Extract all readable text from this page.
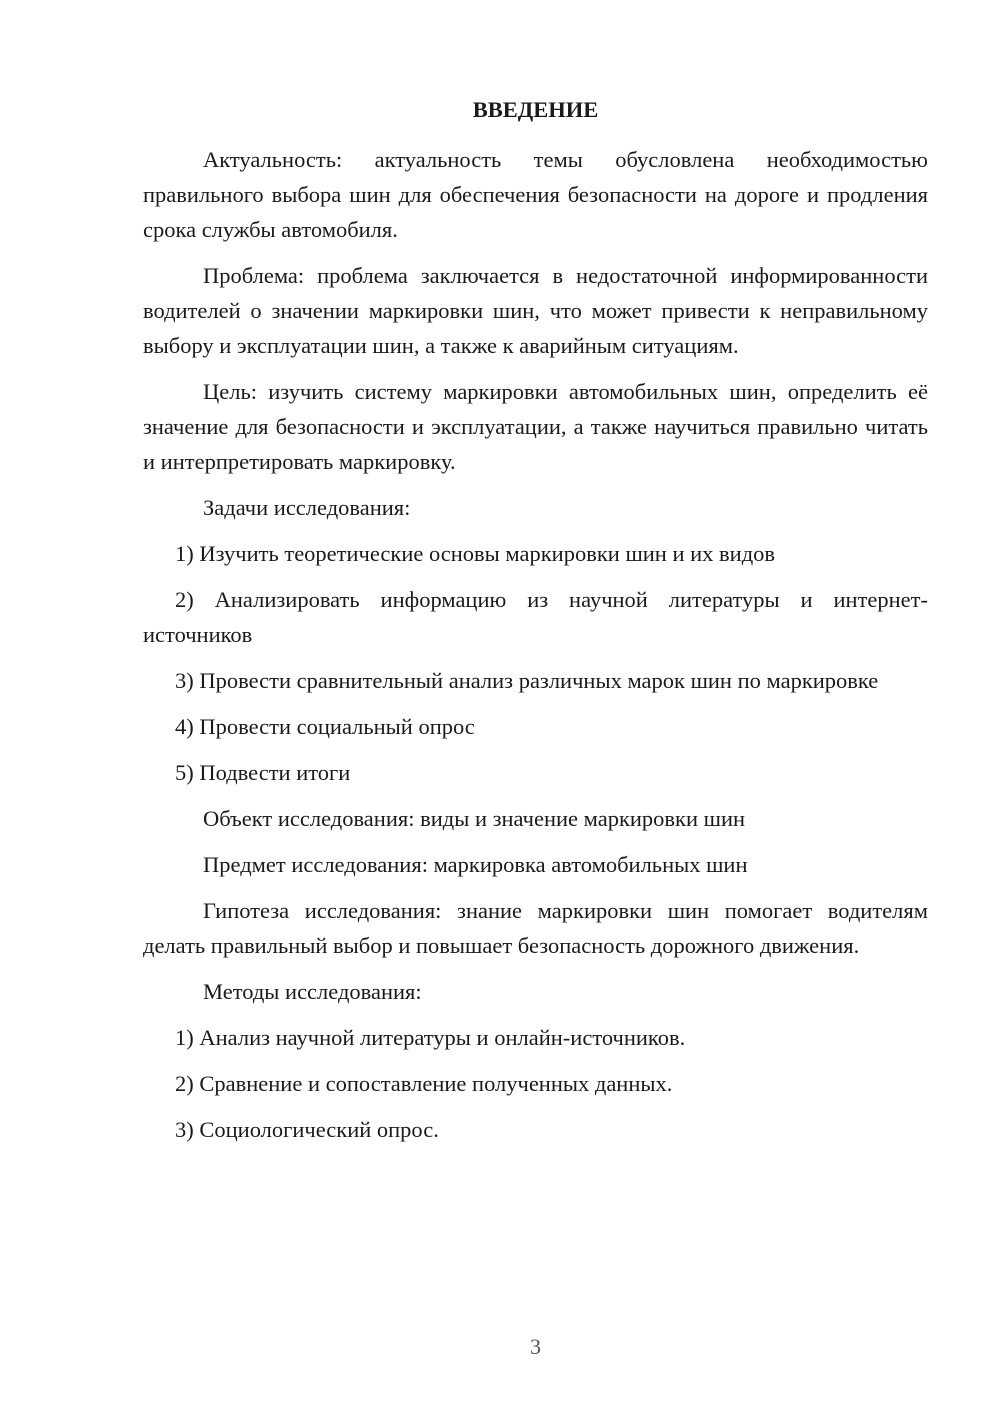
ВВЕДЕНИЕ

Актуальность: актуальность темы обусловлена необходимостью правильного выбора шин для обеспечения безопасности на дороге и продления срока службы автомобиля.

Проблема: проблема заключается в недостаточной информированности водителей о значении маркировки шин, что может привести к неправильному выбору и эксплуатации шин, а также к аварийным ситуациям.

Цель: изучить систему маркировки автомобильных шин, определить её значение для безопасности и эксплуатации, а также научиться правильно читать и интерпретировать маркировку.

Задачи исследования:

1) Изучить теоретические основы маркировки шин и их видов

2) Анализировать информацию из научной литературы и интернет-источников

3) Провести сравнительный анализ различных марок шин по маркировке

4) Провести социальный опрос

5) Подвести итоги

Объект исследования: виды и значение маркировки шин

Предмет исследования: маркировка автомобильных шин

Гипотеза исследования: знание маркировки шин помогает водителям делать правильный выбор и повышает безопасность дорожного движения.

Методы исследования:

1) Анализ научной литературы и онлайн-источников.

2) Сравнение и сопоставление полученных данных.

3) Социологический опрос.

3
